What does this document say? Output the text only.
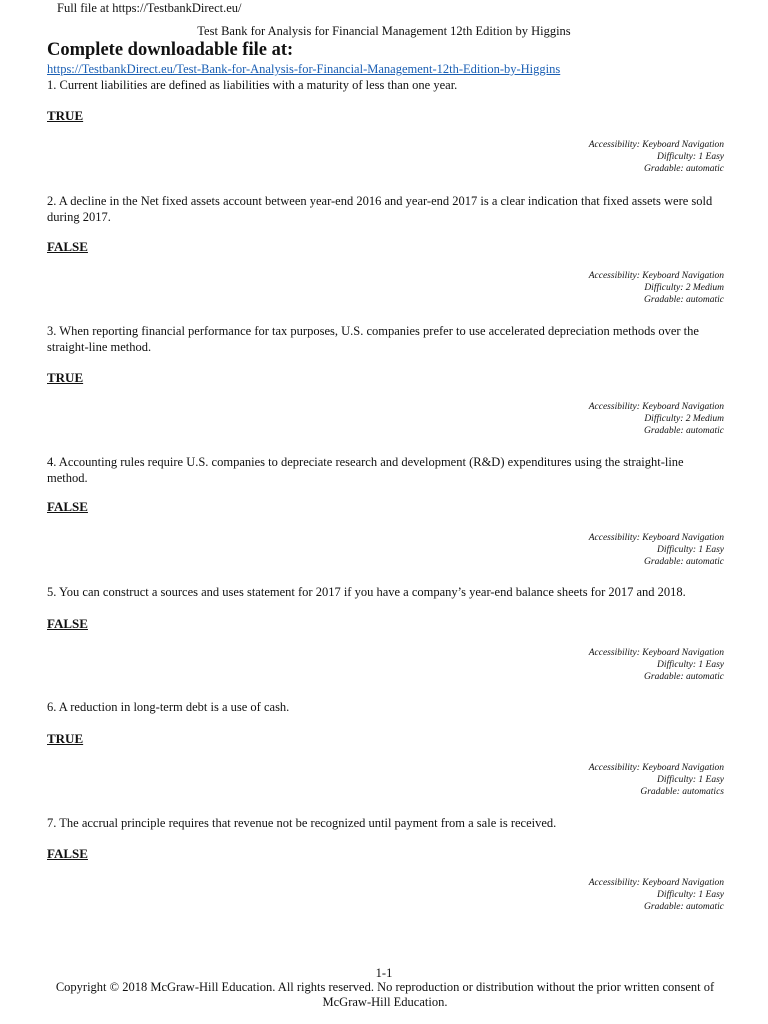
Full file at https://TestbankDirect.eu/
Test Bank for Analysis for Financial Management 12th Edition by Higgins
Complete downloadable file at:
https://TestbankDirect.eu/Test-Bank-for-Analysis-for-Financial-Management-12th-Edition-by-Higgins
1. Current liabilities are defined as liabilities with a maturity of less than one year.
TRUE
Accessibility: Keyboard Navigation
Difficulty: 1 Easy
Gradable: automatic
2. A decline in the Net fixed assets account between year-end 2016 and year-end 2017 is a clear indication that fixed assets were sold during 2017.
FALSE
Accessibility: Keyboard Navigation
Difficulty: 2 Medium
Gradable: automatic
3. When reporting financial performance for tax purposes, U.S. companies prefer to use accelerated depreciation methods over the straight-line method.
TRUE
Accessibility: Keyboard Navigation
Difficulty: 2 Medium
Gradable: automatic
4. Accounting rules require U.S. companies to depreciate research and development (R&D) expenditures using the straight-line method.
FALSE
Accessibility: Keyboard Navigation
Difficulty: 1 Easy
Gradable: automatic
5. You can construct a sources and uses statement for 2017 if you have a company’s year-end balance sheets for 2017 and 2018.
FALSE
Accessibility: Keyboard Navigation
Difficulty: 1 Easy
Gradable: automatic
6. A reduction in long-term debt is a use of cash.
TRUE
Accessibility: Keyboard Navigation
Difficulty: 1 Easy
Gradable: automatics
7. The accrual principle requires that revenue not be recognized until payment from a sale is received.
FALSE
Accessibility: Keyboard Navigation
Difficulty: 1 Easy
Gradable: automatic
1-1
Copyright © 2018 McGraw-Hill Education. All rights reserved. No reproduction or distribution without the prior written consent of McGraw-Hill Education.
